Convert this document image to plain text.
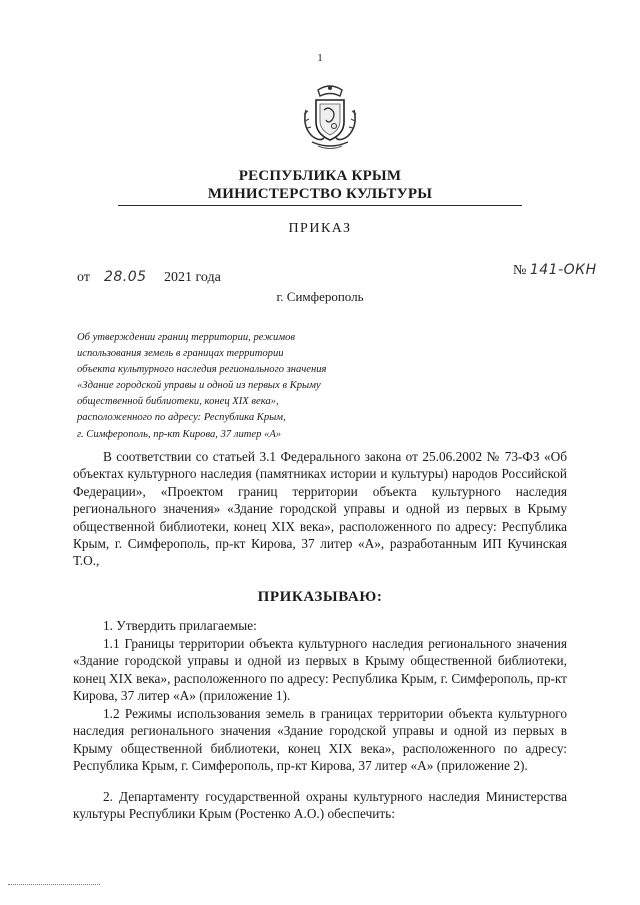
1
РЕСПУБЛИКА КРЫМ
МИНИСТЕРСТВО КУЛЬТУРЫ
ПРИКАЗ
от 28.05 2021 года	№ 141-ОКН
г. Симферополь
Об утверждении границ территории, режимов
использования земель в границах территории
объекта культурного наследия регионального значения
«Здание городской управы и одной из первых в Крыму
общественной библиотеки, конец XIX века»,
расположенного по адресу: Республика Крым,
г. Симферополь, пр-кт Кирова, 37 литер «А»
В соответствии со статьей 3.1 Федерального закона от 25.06.2002 № 73-ФЗ «Об объектах культурного наследия (памятниках истории и культуры) народов Российской Федерации», «Проектом границ территории объекта культурного наследия регионального значения» «Здание городской управы и одной из первых в Крыму общественной библиотеки, конец XIX века», расположенного по адресу: Республика Крым, г. Симферополь, пр-кт Кирова, 37 литер «А», разработанным ИП Кучинская Т.О.,
ПРИКАЗЫВАЮ:
1. Утвердить прилагаемые:
1.1 Границы территории объекта культурного наследия регионального значения «Здание городской управы и одной из первых в Крыму общественной библиотеки, конец XIX века», расположенного по адресу: Республика Крым, г. Симферополь, пр-кт Кирова, 37 литер «А» (приложение 1).
1.2 Режимы использования земель в границах территории объекта культурного наследия регионального значения «Здание городской управы и одной из первых в Крыму общественной библиотеки, конец XIX века», расположенного по адресу: Республика Крым, г. Симферополь, пр-кт Кирова, 37 литер «А» (приложение 2).
2. Департаменту государственной охраны культурного наследия Министерства культуры Республики Крым (Ростенко А.О.) обеспечить:
